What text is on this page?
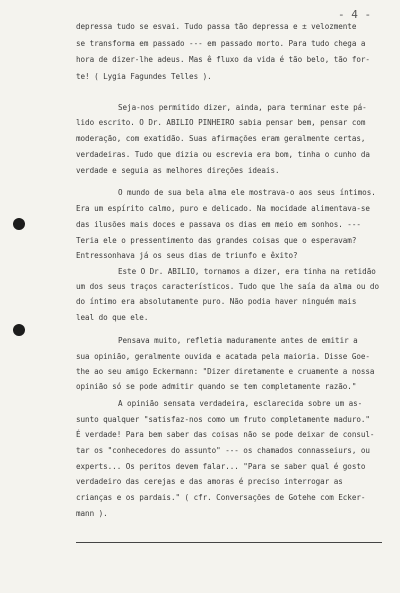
- 4 -
depressa tudo se esvai. Tudo passa tão depressa e ± velozmente
se transforma em passado --- em passado morto. Para tudo chega a
hora de dizer-lhe adeus. Mas ê fluxo da vida é tão belo, tão for-
te! ( Lygia Fagundes Telles ).
Seja-nos permitido dizer, ainda, para terminar este pá-
lido escrito. O Dr. ABILIO PINHEIRO sabia pensar bem, pensar com
moderação, com exatidão. Suas afirmações eram geralmente certas,
verdadeiras. Tudo que dizia ou escrevia era bom, tinha o cunho da
verdade e seguia as melhores direções ideais.
O mundo de sua bela alma ele mostrava-o aos seus íntimos.
Era um espírito calmo, puro e delicado. Na mocidade alimentava-se
das ilusões mais doces e passava os dias em meio em sonhos. ---
Teria ele o pressentimento das grandes coisas que o esperavam?
Entressonhava já os seus dias de triunfo e êxito?
Este O Dr. ABILIO, tornamos a dizer, era tinha na retidão
um dos seus traços característicos. Tudo que lhe saía da alma ou do
do íntimo era absolutamente puro. Não podia haver ninguém mais
leal do que ele.
Pensava muito, refletia maduramente antes de emitir a
sua opinião, geralmente ouvida e acatada pela maioria. Disse Goe-
the ao seu amigo Eckermann: "Dizer diretamente e cruamente a nossa
opinião só se pode admitir quando se tem completamente razão."
A opinião sensata verdadeira, esclarecida sobre um as-
sunto qualquer "satisfaz-nos como um fruto completamente maduro."
É verdade! Para bem saber das coisas não se pode deixar de consul-
tar os "conhecedores do assunto" --- os chamados connasseiurs, ou
experts... Os peritos devem falar... "Para se saber qual é gosto
verdadeiro das cerejas e das amoras é preciso interrogar as
crianças e os pardais." ( cfr. Conversações de Gotehe com Ecker-
mann ).
